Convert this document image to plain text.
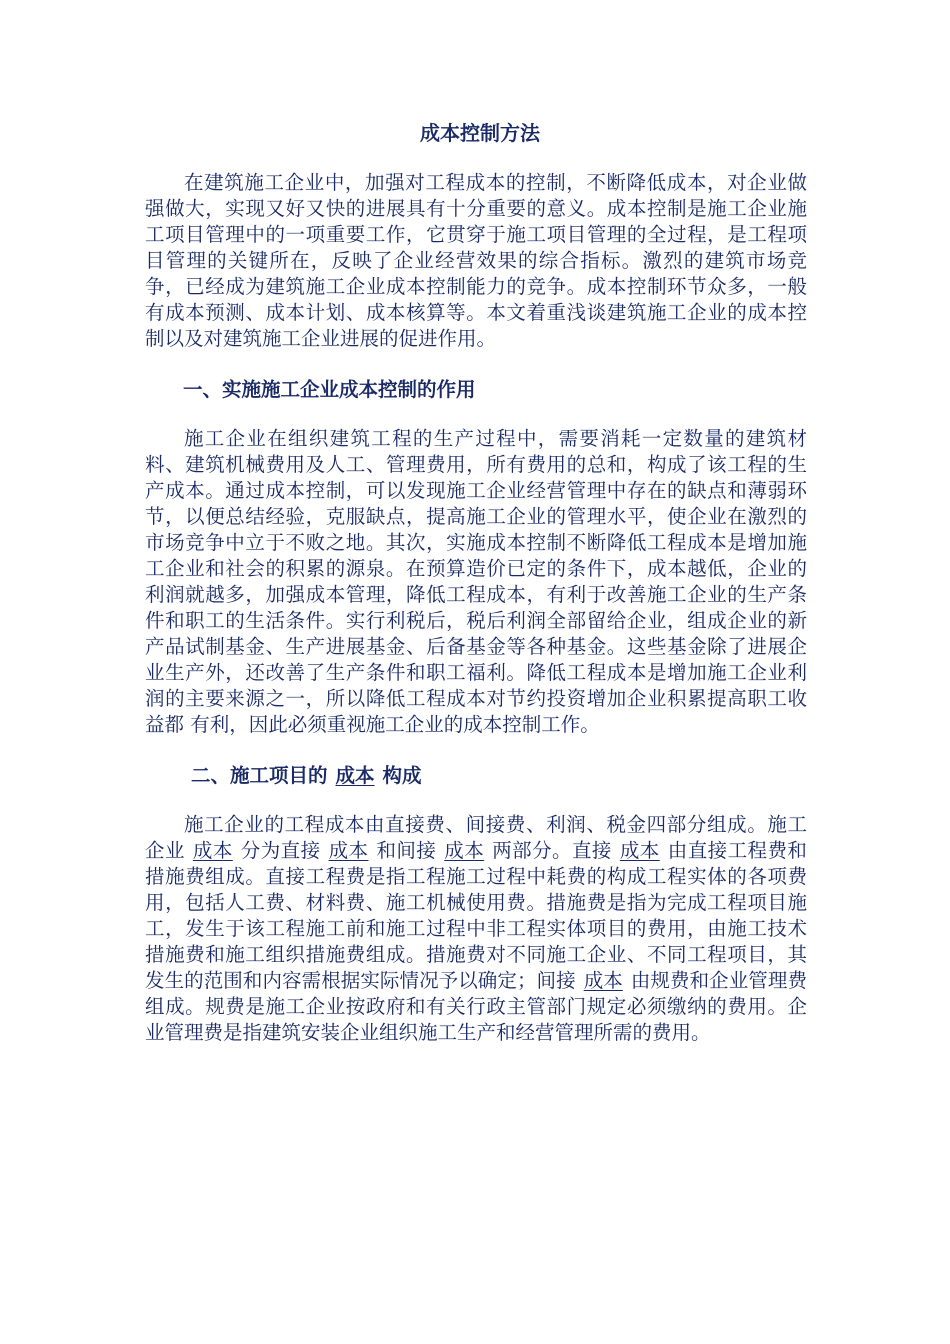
成本控制方法

在建筑施工企业中，加强对工程成本的控制，不断降低成本，对企业做强做大，实现又好又快的进展具有十分重要的意义。成本控制是施工企业施工项目管理中的一项重要工作，它贯穿于施工项目管理的全过程，是工程项目管理的关键所在，反映了企业经营效果的综合指标。激烈的建筑市场竞争，已经成为建筑施工企业成本控制能力的竞争。成本控制环节众多，一般有成本预测、成本计划、成本核算等。本文着重浅谈建筑施工企业的成本控制以及对建筑施工企业进展的促进作用。

一、实施施工企业成本控制的作用

施工企业在组织建筑工程的生产过程中，需要消耗一定数量的建筑材料、建筑机械费用及人工、管理费用，所有费用的总和，构成了该工程的生产成本。通过成本控制，可以发现施工企业经营管理中存在的缺点和薄弱环节，以便总结经验，克服缺点，提高施工企业的管理水平，使企业在激烈的市场竞争中立于不败之地。其次，实施成本控制不断降低工程成本是增加施工企业和社会的积累的源泉。在预算造价已定的条件下，成本越低，企业的利润就越多，加强成本管理，降低工程成本，有利于改善施工企业的生产条件和职工的生活条件。实行利税后，税后利润全部留给企业，组成企业的新产品试制基金、生产进展基金、后备基金等各种基金。这些基金除了进展企业生产外，还改善了生产条件和职工福利。降低工程成本是增加施工企业利润的主要来源之一，所以降低工程成本对节约投资增加企业积累提高职工收益都 有利，因此必须重视施工企业的成本控制工作。

二、施工项目的 成本 构成

施工企业的工程成本由直接费、间接费、利润、税金四部分组成。施工企业 成本 分为直接 成本 和间接 成本 两部分。直接 成本 由直接工程费和措施费组成。直接工程费是指工程施工过程中耗费的构成工程实体的各项费用，包括人工费、材料费、施工机械使用费。措施费是指为完成工程项目施工，发生于该工程施工前和施工过程中非工程实体项目的费用，由施工技术措施费和施工组织措施费组成。措施费对不同施工企业、不同工程项目，其发生的范围和内容需根据实际情况予以确定；间接 成本 由规费和企业管理费组成。规费是施工企业按政府和有关行政主管部门规定必须缴纳的费用。企业管理费是指建筑安装企业组织施工生产和经营管理所需的费用。
